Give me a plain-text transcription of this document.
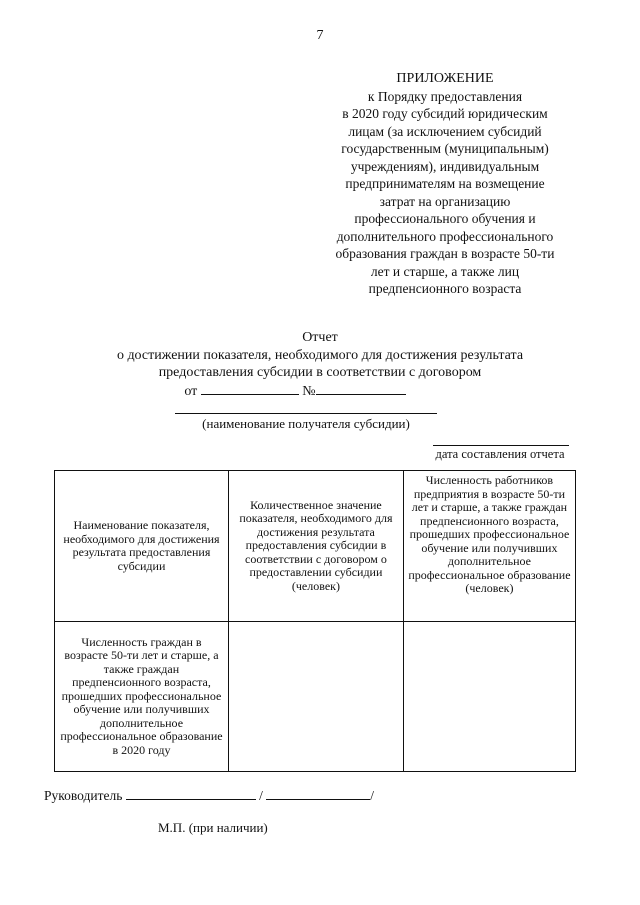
7
ПРИЛОЖЕНИЕ
к Порядку предоставления
в 2020 году субсидий юридическим
лицам (за исключением субсидий
государственным (муниципальным)
учреждениям), индивидуальным
предпринимателям на возмещение
затрат на организацию
профессионального обучения и
дополнительного профессионального
образования граждан в возрасте 50-ти
лет и старше, а также лиц
предпенсионного возраста
Отчет
о достижении показателя, необходимого для достижения результата
предоставления субсидии в соответствии с договором
от	№
(наименование получателя субсидии)
дата составления отчета
Наименование показателя, необходимого для достижения результата предоставления субсидии	Количественное значение показателя, необходимого для достижения результата предоставления субсидии в соответствии с договором о предоставлении субсидии (человек)	Численность работников предприятия в возрасте 50-ти лет и старше, а также граждан предпенсионного возраста, прошедших профессиональное обучение или получивших дополнительное профессиональное образование (человек)
Численность граждан в возрасте 50-ти лет и старше, а также граждан предпенсионного возраста, прошедших профессиональное обучение или получивших дополнительное профессиональное образование в 2020 году		
Руководитель	/	/
М.П. (при наличии)
